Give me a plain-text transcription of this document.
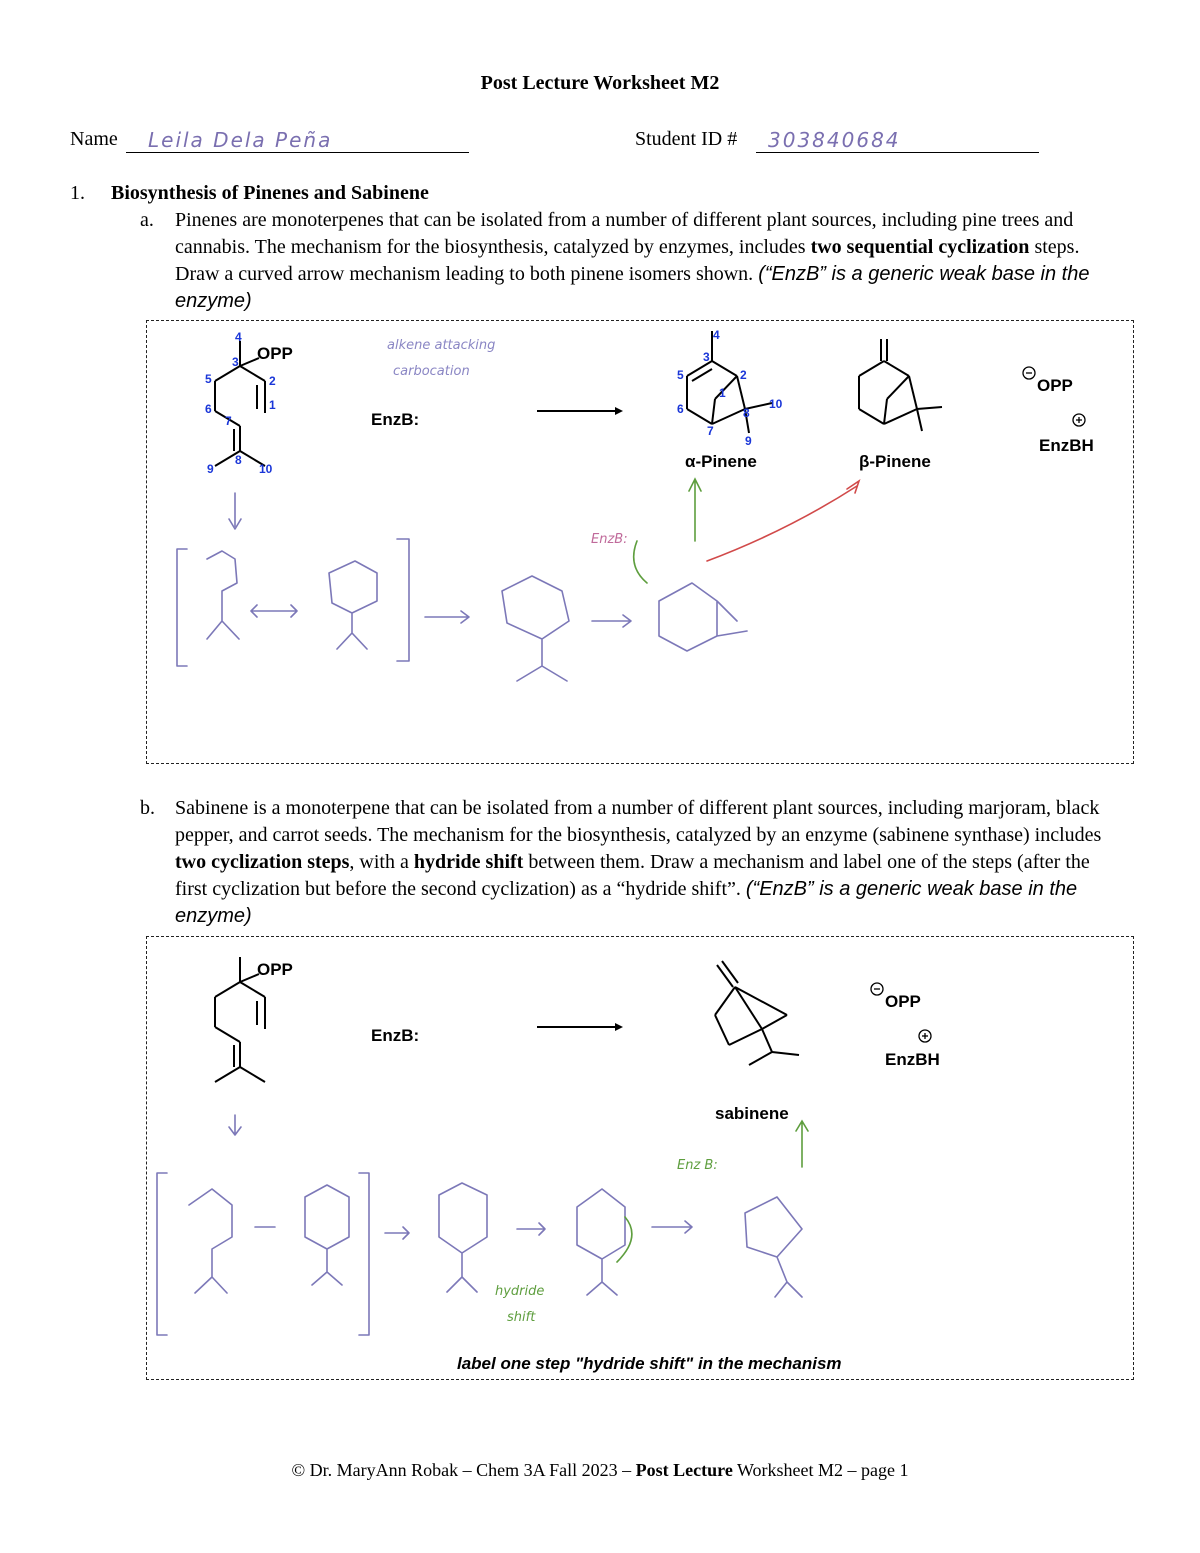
Post Lecture Worksheet M2
Name Leila Dela Peña	Student ID # 303840684
1. Biosynthesis of Pinenes and Sabinene
a. Pinenes are monoterpenes that can be isolated from a number of different plant sources, including pine trees and cannabis. The mechanism for the biosynthesis, catalyzed by enzymes, includes two sequential cyclization steps. Draw a curved arrow mechanism leading to both pinene isomers shown. (“EnzB” is a generic weak base in the enzyme)
OPP
4
3
5	2
1
6
7
9
8
10
EnzB:
4
3
5	2
1
6	8
10
7
9
α-Pinene	β-Pinene
OPP
EnzBH
alkene attacking
carbocation
EnzB:
b. Sabinene is a monoterpene that can be isolated from a number of different plant sources, including marjoram, black pepper, and carrot seeds. The mechanism for the biosynthesis, catalyzed by an enzyme (sabinene synthase) includes two cyclization steps, with a hydride shift between them. Draw a mechanism and label one of the steps (after the first cyclization but before the second cyclization) as a “hydride shift”. (“EnzB” is a generic weak base in the enzyme)
OPP
EnzB:
sabinene
OPP
EnzBH
Enz B:
hydride
shift
label one step "hydride shift" in the mechanism
© Dr. MaryAnn Robak – Chem 3A Fall 2023 – Post Lecture Worksheet M2 – page 1
